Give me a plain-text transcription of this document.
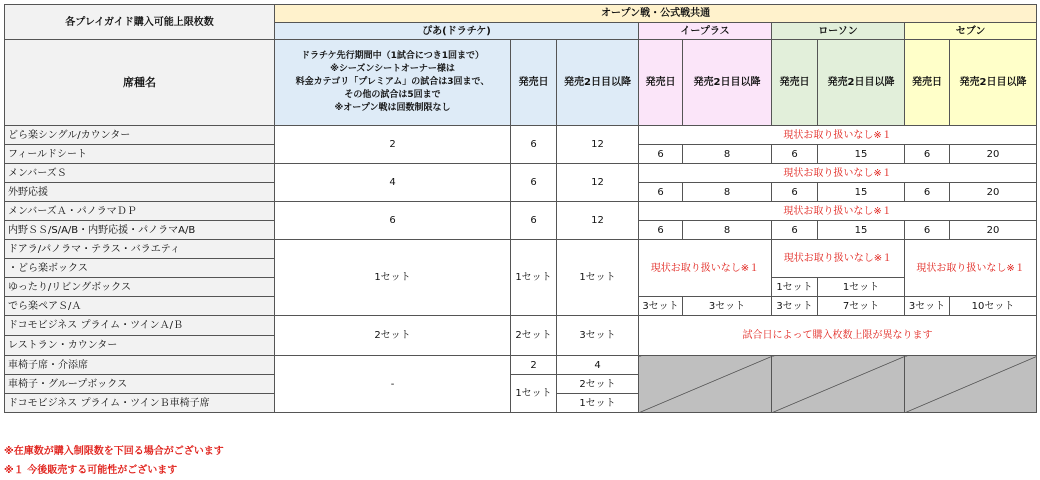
各プレイガイド購入可能上限枚数	オープン戦・公式戦共通								
	ぴあ(ドラチケ)			イープラス		ローソン		セブン	
席種名	ドラチケ先行期間中（1試合につき1回まで）
※シーズンシートオーナー様は
料金カテゴリ「プレミアム」の試合は3回まで、
その他の試合は5回まで
※オープン戦は回数制限なし	発売日	発売2日目以降	発売日	発売2日目以降	発売日	発売2日目以降	発売日	発売2日目以降
どら楽シングル/カウンター	2	6	12	現状お取り扱いなし※１					
フィールドシート				6	8	6	15	6	20
メンバーズＳ	4	6	12	現状お取り扱いなし※１					
外野応援				6	8	6	15	6	20
メンバーズＡ・パノラマＤＰ	6	6	12	現状お取り扱いなし※１					
内野ＳＳ/S/A/B・内野応援・パノラマA/B				6	8	6	15	6	20
ドアラ/パノラマ・テラス・バラエティ	1セット	1セット	1セット	現状お取り扱いなし※１		現状お取り扱いなし※１		現状お取り扱いなし※１	
・どら楽ボックス									
ゆったり/リビングボックス						1セット	1セット		
でら楽ペアＳ/Ａ				3セット	3セット	3セット	7セット	3セット	10セット
ドコモビジネス プライム・ツインＡ/Ｂ	2セット	2セット	3セット	試合日によって購入枚数上限が異なります					
レストラン・カウンター									
車椅子席・介添席	-	2	4						
車椅子・グループボックス		1セット	2セット						
ドコモビジネス プライム・ツインＢ車椅子席			1セット						
※在庫数が購入制限数を下回る場合がございます
※１ 今後販売する可能性がございます
